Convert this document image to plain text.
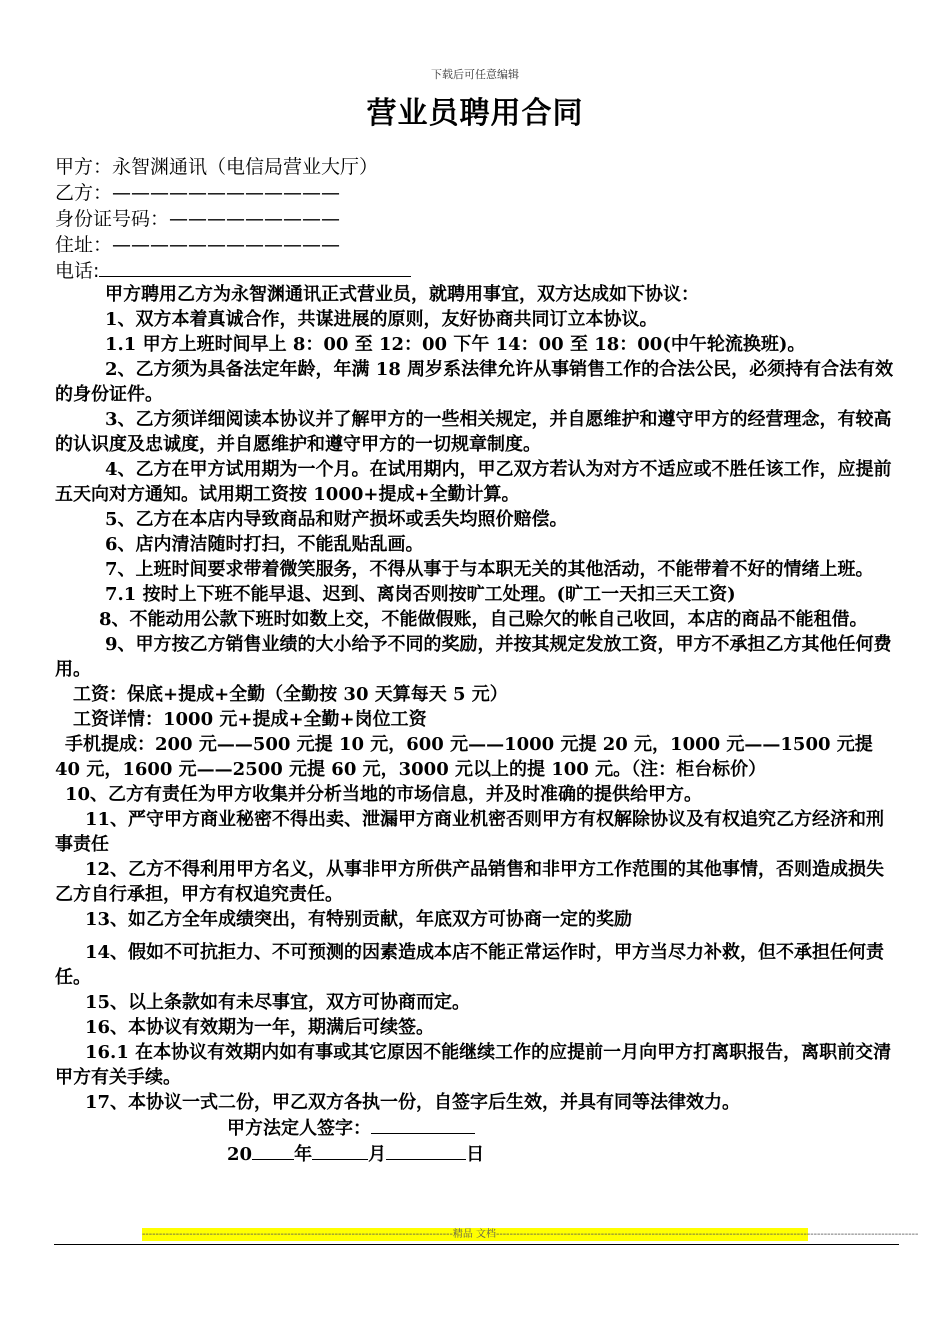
下载后可任意编辑
营业员聘用合同
甲方：永智渊通讯（电信局营业大厅）
乙方：————————————
身份证号码：—————————
住址：————————————
电话:

甲方聘用乙方为永智渊通讯正式营业员，就聘用事宜，双方达成如下协议：

1、双方本着真诚合作，共谋进展的原则，友好协商共同订立本协议。

1.1 甲方上班时间早上 8：00 至 12：00 下午 14：00 至 18：00(中午轮流换班)。

2、乙方须为具备法定年龄，年满 18 周岁系法律允许从事销售工作的合法公民，必须持有合法有效的身份证件。

3、乙方须详细阅读本协议并了解甲方的一些相关规定，并自愿维护和遵守甲方的经营理念，有较高的认识度及忠诚度，并自愿维护和遵守甲方的一切规章制度。

4、乙方在甲方试用期为一个月。在试用期内，甲乙双方若认为对方不适应或不胜任该工作，应提前五天向对方通知。试用期工资按 1000+提成+全勤计算。

5、乙方在本店内导致商品和财产损坏或丢失均照价赔偿。

6、店内清洁随时打扫，不能乱贴乱画。

7、上班时间要求带着微笑服务，不得从事于与本职无关的其他活动，不能带着不好的情绪上班。

7.1 按时上下班不能早退、迟到、离岗否则按旷工处理。(旷工一天扣三天工资)

8、不能动用公款下班时如数上交，不能做假账，自己赊欠的帐自己收回，本店的商品不能租借。

9、甲方按乙方销售业绩的大小给予不同的奖励，并按其规定发放工资，甲方不承担乙方其他任何费用。

工资：保底+提成+全勤（全勤按 30 天算每天 5 元）

工资详情：1000 元+提成+全勤+岗位工资

手机提成：200 元——500 元提 10 元，600 元——1000 元提 20 元，1000 元——1500 元提 40 元，1600 元——2500 元提 60 元，3000 元以上的提 100 元。（注：柜台标价）

10、乙方有责任为甲方收集并分析当地的市场信息，并及时准确的提供给甲方。

11、严守甲方商业秘密不得出卖、泄漏甲方商业机密否则甲方有权解除协议及有权追究乙方经济和刑事责任

12、乙方不得利用甲方名义，从事非甲方所供产品销售和非甲方工作范围的其他事情，否则造成损失乙方自行承担，甲方有权追究责任。

13、如乙方全年成绩突出，有特别贡献，年底双方可协商一定的奖励

14、假如不可抗拒力、不可预测的因素造成本店不能正常运作时，甲方当尽力补救，但不承担任何责任。

15、以上条款如有未尽事宜，双方可协商而定。

16、本协议有效期为一年，期满后可续签。

16.1 在本协议有效期内如有事或其它原因不能继续工作的应提前一月向甲方打离职报告，离职前交清甲方有关手续。

17、本协议一式二份，甲乙双方各执一份，自签字后生效，并具有同等法律效力。

甲方法定人签字：

20 年	月	日

--------------------------------------------------------------------------------------------精品 文档-----------------------------------------------------------------------------------------------------------------------------
